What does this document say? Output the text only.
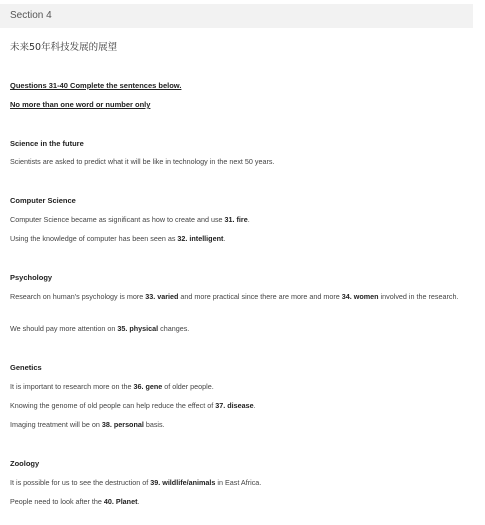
Section 4
未来50年科技发展的展望
Questions 31-40 Complete the sentences below.
No more than one word or number only
Science in the future
Scientists are asked to predict what it will be like in technology in the next 50 years.
Computer Science
Computer Science became as significant as how to create and use 31. fire.
Using the knowledge of computer has been seen as 32. intelligent.
Psychology
Research on human's psychology is more 33. varied and more practical since there are more and more 34. women involved in the research.
We should pay more attention on 35. physical changes.
Genetics
It is important to research more on the 36. gene of older people.
Knowing the genome of old people can help reduce the effect of 37. disease.
Imaging treatment will be on 38. personal basis.
Zoology
It is possible for us to see the destruction of 39. wildlife/animals in East Africa.
People need to look after the 40. Planet.
